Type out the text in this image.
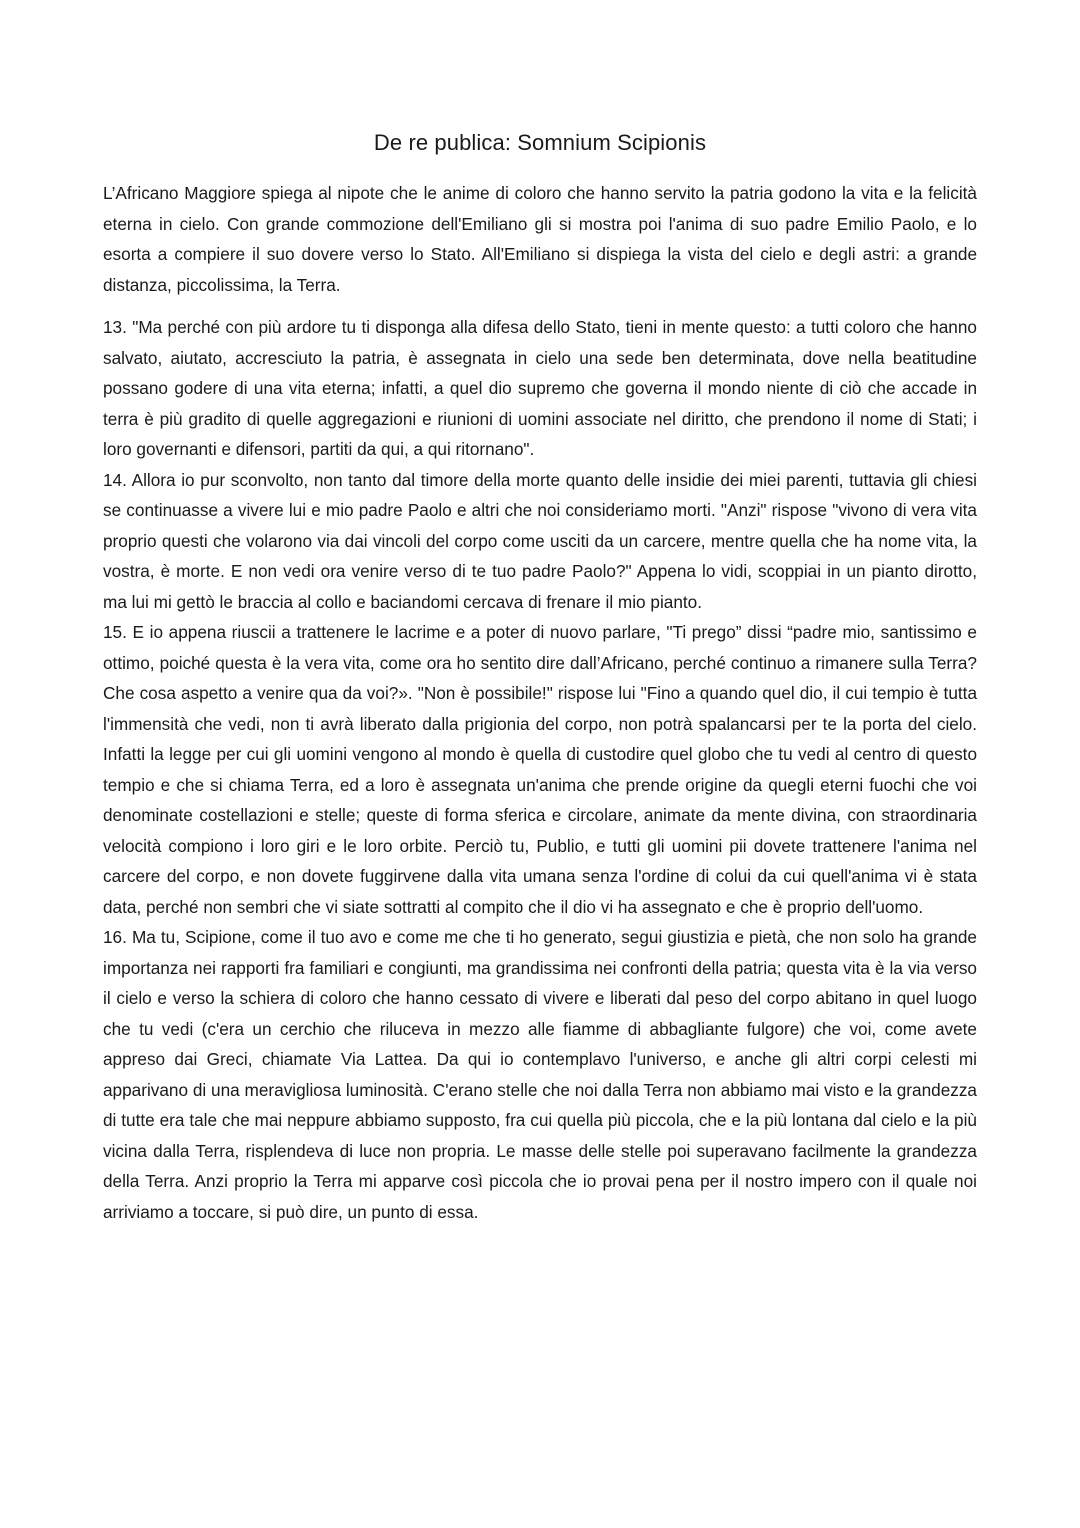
De re publica: Somnium Scipionis

L’Africano Maggiore spiega al nipote che le anime di coloro che hanno servito la patria godono la vita e la felicità eterna in cielo. Con grande commozione dell'Emiliano gli si mostra poi l'anima di suo padre Emilio Paolo, e lo esorta a compiere il suo dovere verso lo Stato. All'Emiliano si dispiega la vista del cielo e degli astri: a grande distanza, piccolissima, la Terra.

13. "Ma perché con più ardore tu ti disponga alla difesa dello Stato, tieni in mente questo: a tutti coloro che hanno salvato, aiutato, accresciuto la patria, è assegnata in cielo una sede ben determinata, dove nella beatitudine possano godere di una vita eterna; infatti, a quel dio supremo che governa il mondo niente di ciò che accade in terra è più gradito di quelle aggregazioni e riunioni di uomini associate nel diritto, che prendono il nome di Stati; i loro governanti e difensori, partiti da qui, a qui ritornano".

14. Allora io pur sconvolto, non tanto dal timore della morte quanto delle insidie dei miei parenti, tuttavia gli chiesi se continuasse a vivere lui e mio padre Paolo e altri che noi consideriamo morti. "Anzi" rispose "vivono di vera vita proprio questi che volarono via dai vincoli del corpo come usciti da un carcere, mentre quella che ha nome vita, la vostra, è morte. E non vedi ora venire verso di te tuo padre Paolo?" Appena lo vidi, scoppiai in un pianto dirotto, ma lui mi gettò le braccia al collo e baciandomi cercava di frenare il mio pianto.

15. E io appena riuscii a trattenere le lacrime e a poter di nuovo parlare, "Ti prego” dissi “padre mio, santissimo e ottimo, poiché questa è la vera vita, come ora ho sentito dire dall’Africano, perché continuo a rimanere sulla Terra? Che cosa aspetto a venire qua da voi?». "Non è possibile!" rispose lui "Fino a quando quel dio, il cui tempio è tutta l'immensità che vedi, non ti avrà liberato dalla prigionia del corpo, non potrà spalancarsi per te la porta del cielo. Infatti la legge per cui gli uomini vengono al mondo è quella di custodire quel globo che tu vedi al centro di questo tempio e che si chiama Terra, ed a loro è assegnata un'anima che prende origine da quegli eterni fuochi che voi denominate costellazioni e stelle; queste di forma sferica e circolare, animate da mente divina, con straordinaria velocità compiono i loro giri e le loro orbite. Perciò tu, Publio, e tutti gli uomini pii dovete trattenere l'anima nel carcere del corpo, e non dovete fuggirvene dalla vita umana senza l'ordine di colui da cui quell'anima vi è stata data, perché non sembri che vi siate sottratti al compito che il dio vi ha assegnato e che è proprio dell'uomo.

16. Ma tu, Scipione, come il tuo avo e come me che ti ho generato, segui giustizia e pietà, che non solo ha grande importanza nei rapporti fra familiari e congiunti, ma grandissima nei confronti della patria; questa vita è la via verso il cielo e verso la schiera di coloro che hanno cessato di vivere e liberati dal peso del corpo abitano in quel luogo che tu vedi (c'era un cerchio che riluceva in mezzo alle fiamme di abbagliante fulgore) che voi, come avete appreso dai Greci, chiamate Via Lattea. Da qui io contemplavo l'universo, e anche gli altri corpi celesti mi apparivano di una meravigliosa luminosità. C'erano stelle che noi dalla Terra non abbiamo mai visto e la grandezza di tutte era tale che mai neppure abbiamo supposto, fra cui quella più piccola, che e la più lontana dal cielo e la più vicina dalla Terra, risplendeva di luce non propria. Le masse delle stelle poi superavano facilmente la grandezza della Terra. Anzi proprio la Terra mi apparve così piccola che io provai pena per il nostro impero con il quale noi arriviamo a toccare, si può dire, un punto di essa.
